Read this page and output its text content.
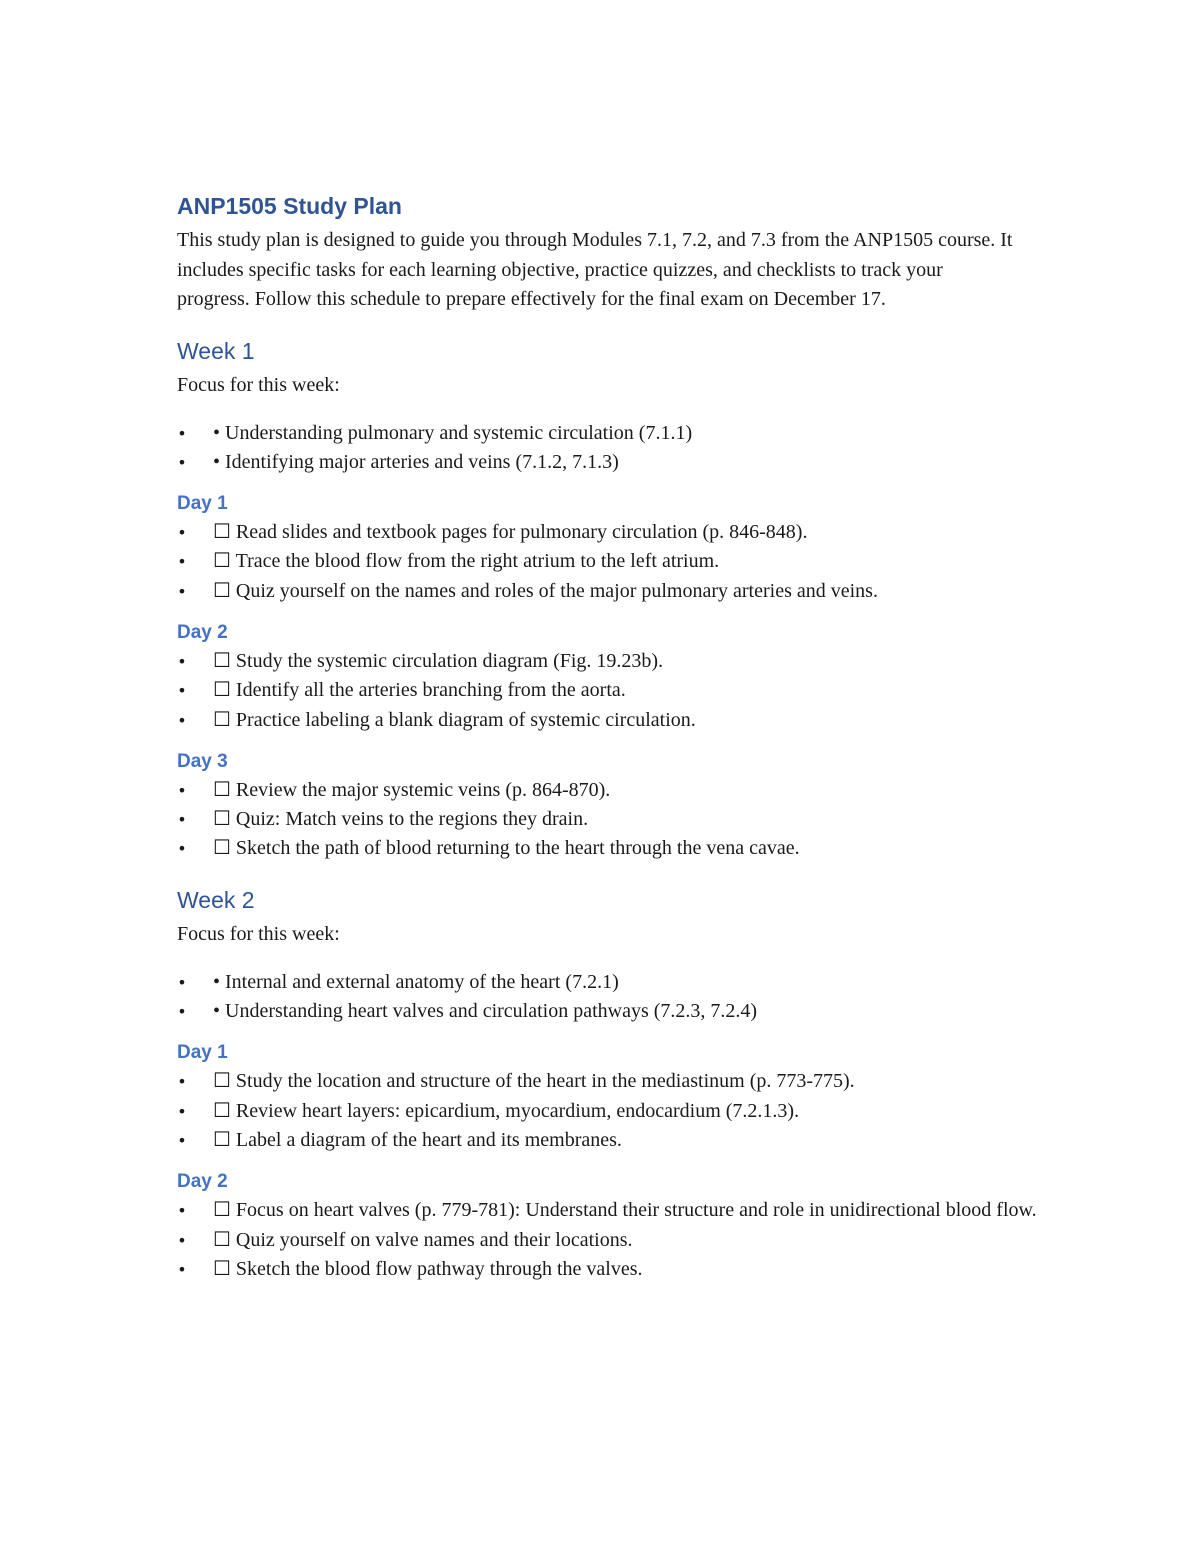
ANP1505 Study Plan

This study plan is designed to guide you through Modules 7.1, 7.2, and 7.3 from the ANP1505 course. It includes specific tasks for each learning objective, practice quizzes, and checklists to track your progress. Follow this schedule to prepare effectively for the final exam on December 17.

Week 1

Focus for this week:

• • Understanding pulmonary and systemic circulation (7.1.1)
• • Identifying major arteries and veins (7.1.2, 7.1.3)
Day 1
• ☐ Read slides and textbook pages for pulmonary circulation (p. 846-848).
• ☐ Trace the blood flow from the right atrium to the left atrium.
• ☐ Quiz yourself on the names and roles of the major pulmonary arteries and veins.
Day 2
• ☐ Study the systemic circulation diagram (Fig. 19.23b).
• ☐ Identify all the arteries branching from the aorta.
• ☐ Practice labeling a blank diagram of systemic circulation.
Day 3
• ☐ Review the major systemic veins (p. 864-870).
• ☐ Quiz: Match veins to the regions they drain.
• ☐ Sketch the path of blood returning to the heart through the vena cavae.
Week 2

Focus for this week:

• • Internal and external anatomy of the heart (7.2.1)
• • Understanding heart valves and circulation pathways (7.2.3, 7.2.4)
Day 1
• ☐ Study the location and structure of the heart in the mediastinum (p. 773-775).
• ☐ Review heart layers: epicardium, myocardium, endocardium (7.2.1.3).
• ☐ Label a diagram of the heart and its membranes.
Day 2
• ☐ Focus on heart valves (p. 779-781): Understand their structure and role in unidirectional blood flow.
• ☐ Quiz yourself on valve names and their locations.
• ☐ Sketch the blood flow pathway through the valves.
